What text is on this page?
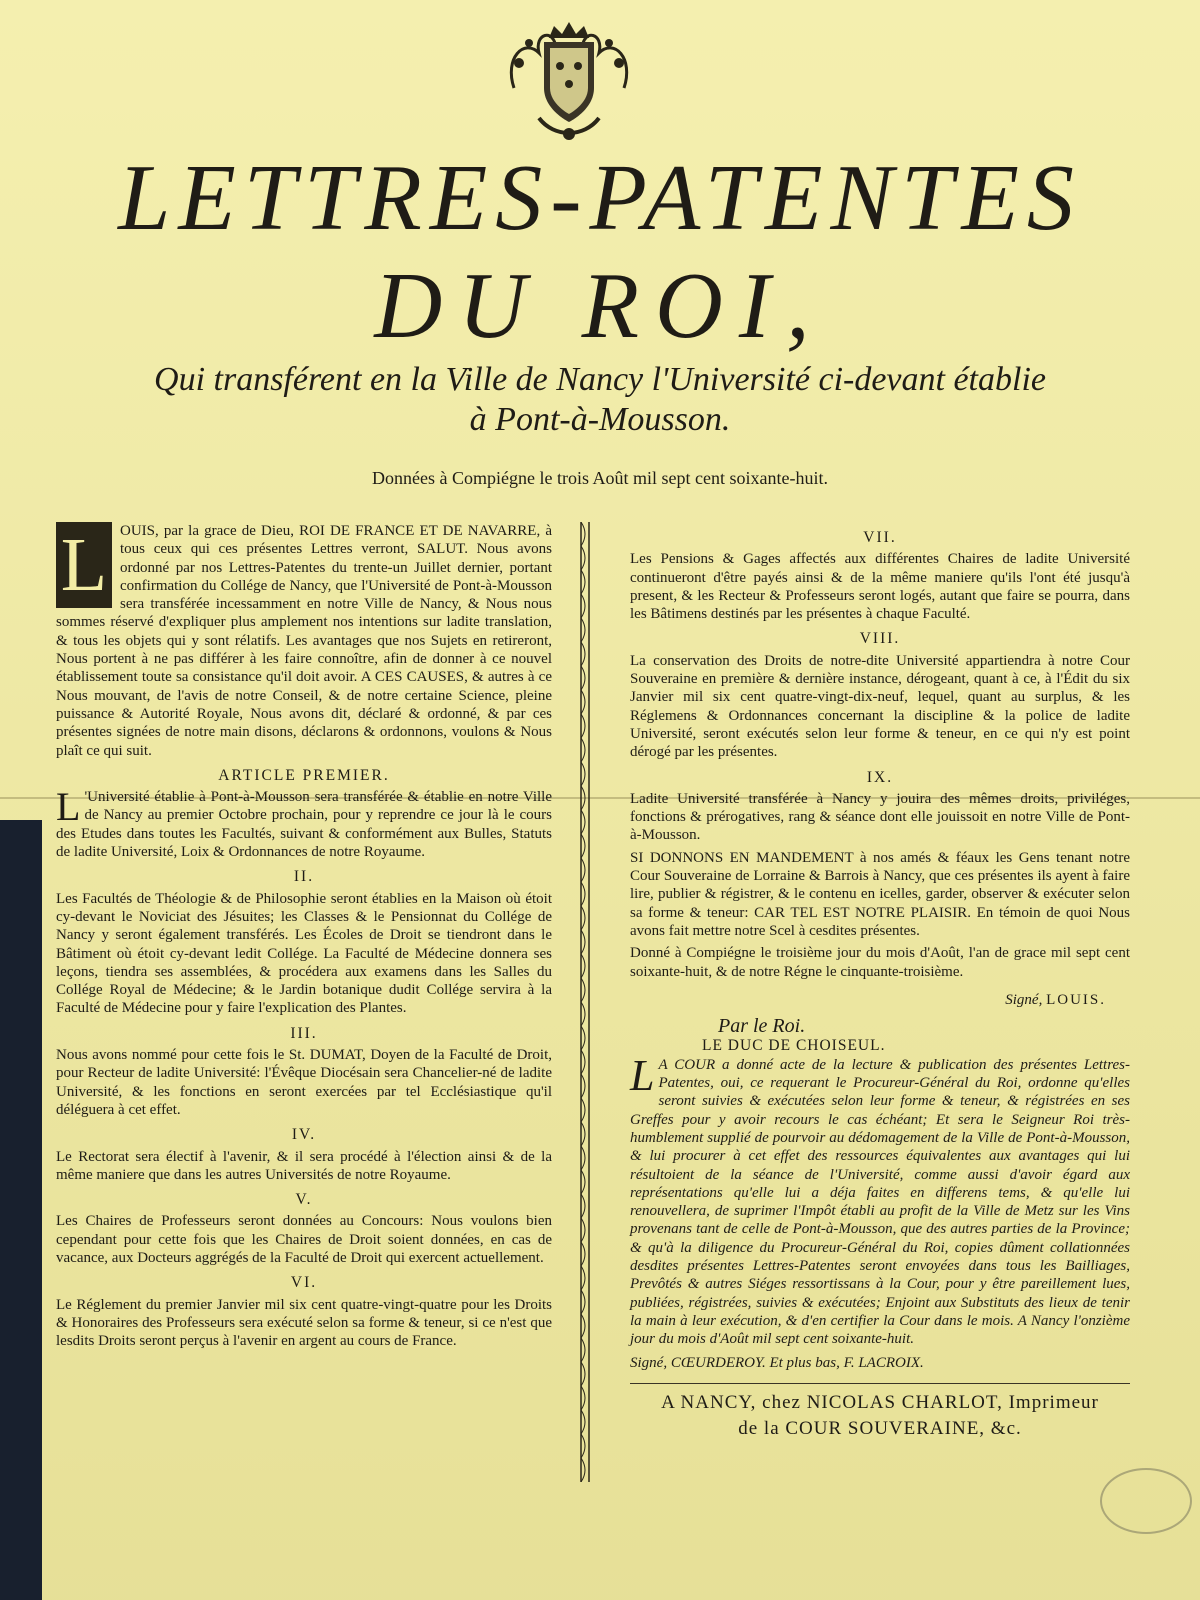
LETTRES-PATENTES
DU ROI,
Qui transférent en la Ville de Nancy l'Université ci-devant établie
à Pont-à-Mousson.
Données à Compiégne le trois Août mil sept cent soixante-huit.

L OUIS, par la grace de Dieu, ROI DE FRANCE ET DE NAVARRE, à tous ceux qui ces présentes Lettres verront, SALUT. Nous avons ordonné par nos Lettres-Patentes du trente-un Juillet dernier, portant confirmation du Collége de Nancy, que l'Université de Pont-à-Mousson sera transférée incessamment en notre Ville de Nancy, & Nous nous sommes réservé d'expliquer plus amplement nos intentions sur ladite translation, & tous les objets qui y sont rélatifs. Les avantages que nos Sujets en retireront, Nous portent à ne pas différer à les faire connoître, afin de donner à ce nouvel établissement toute sa consistance qu'il doit avoir. A CES CAUSES, & autres à ce Nous mouvant, de l'avis de notre Conseil, & de notre certaine Science, pleine puissance & Autorité Royale, Nous avons dit, déclaré & ordonné, & par ces présentes signées de notre main disons, déclarons & ordonnons, voulons & Nous plaît ce qui suit.

ARTICLE PREMIER.

L 'Université établie à Pont-à-Mousson sera transférée & établie en notre Ville de Nancy au premier Octobre prochain, pour y reprendre ce jour là le cours des Etudes dans toutes les Facultés, suivant & conformément aux Bulles, Statuts de ladite Université, Loix & Ordonnances de notre Royaume.

II.

Les Facultés de Théologie & de Philosophie seront établies en la Maison où étoit cy-devant le Noviciat des Jésuites; les Classes & le Pensionnat du Collége de Nancy y seront également transférés. Les Écoles de Droit se tiendront dans le Bâtiment où étoit cy-devant ledit Collége. La Faculté de Médecine donnera ses leçons, tiendra ses assemblées, & procédera aux examens dans les Salles du Collége Royal de Médecine; & le Jardin botanique dudit Collége servira à la Faculté de Médecine pour y faire l'explication des Plantes.

III.

Nous avons nommé pour cette fois le St. DUMAT, Doyen de la Faculté de Droit, pour Recteur de ladite Université: l'Évêque Diocésain sera Chancelier-né de ladite Université, & les fonctions en seront exercées par tel Ecclésiastique qu'il déléguera à cet effet.

IV.

Le Rectorat sera électif à l'avenir, & il sera procédé à l'élection ainsi & de la même maniere que dans les autres Universités de notre Royaume.

V.

Les Chaires de Professeurs seront données au Concours: Nous voulons bien cependant pour cette fois que les Chaires de Droit soient données, en cas de vacance, aux Docteurs aggrégés de la Faculté de Droit qui exercent actuellement.

VI.

Le Réglement du premier Janvier mil six cent quatre-vingt-quatre pour les Droits & Honoraires des Professeurs sera exécuté selon sa forme & teneur, si ce n'est que lesdits Droits seront perçus à l'avenir en argent au cours de France.

VII.

Les Pensions & Gages affectés aux différentes Chaires de ladite Université continueront d'être payés ainsi & de la même maniere qu'ils l'ont été jusqu'à present, & les Recteur & Professeurs seront logés, autant que faire se pourra, dans les Bâtimens destinés par les présentes à chaque Faculté.

VIII.

La conservation des Droits de notre-dite Université appartiendra à notre Cour Souveraine en première & dernière instance, dérogeant, quant à ce, à l'Édit du six Janvier mil six cent quatre-vingt-dix-neuf, lequel, quant au surplus, & les Réglemens & Ordonnances concernant la discipline & la police de ladite Université, seront exécutés selon leur forme & teneur, en ce qui n'y est point dérogé par les présentes.

IX.

Ladite Université transférée à Nancy y jouira des mêmes droits, priviléges, fonctions & prérogatives, rang & séance dont elle jouissoit en notre Ville de Pont-à-Mousson.

SI DONNONS EN MANDEMENT à nos amés & féaux les Gens tenant notre Cour Souveraine de Lorraine & Barrois à Nancy, que ces présentes ils ayent à faire lire, publier & régistrer, & le contenu en icelles, garder, observer & exécuter selon sa forme & teneur: CAR TEL EST NOTRE PLAISIR. En témoin de quoi Nous avons fait mettre notre Scel à cesdites présentes.

Donné à Compiégne le troisième jour du mois d'Août, l'an de grace mil sept cent soixante-huit, & de notre Régne le cinquante-troisième.

Signé, LOUIS.
Par le Roi.
LE DUC DE CHOISEUL.

L A COUR a donné acte de la lecture & publication des présentes Lettres-Patentes, oui, ce requerant le Procureur-Général du Roi, ordonne qu'elles seront suivies & exécutées selon leur forme & teneur, & régistrées en ses Greffes pour y avoir recours le cas échéant; Et sera le Seigneur Roi très-humblement supplié de pourvoir au dédomagement de la Ville de Pont-à-Mousson, & lui procurer à cet effet des ressources équivalentes aux avantages qui lui résultoient de la séance de l'Université, comme aussi d'avoir égard aux représentations qu'elle lui a déja faites en differens tems, & qu'elle lui renouvellera, de suprimer l'Impôt établi au profit de la Ville de Metz sur les Vins provenans tant de celle de Pont-à-Mousson, que des autres parties de la Province; & qu'à la diligence du Procureur-Général du Roi, copies dûment collationnées desdites présentes Lettres-Patentes seront envoyées dans tous les Bailliages, Prevôtés & autres Siéges ressortissans à la Cour, pour y être pareillement lues, publiées, régistrées, suivies & exécutées; Enjoint aux Substituts des lieux de tenir la main à leur exécution, & d'en certifier la Cour dans le mois. A Nancy l'onzième jour du mois d'Août mil sept cent soixante-huit.

Signé, CŒURDEROY. Et plus bas, F. LACROIX.
A NANCY, chez NICOLAS CHARLOT, Imprimeur
de la COUR SOUVERAINE, &c.
